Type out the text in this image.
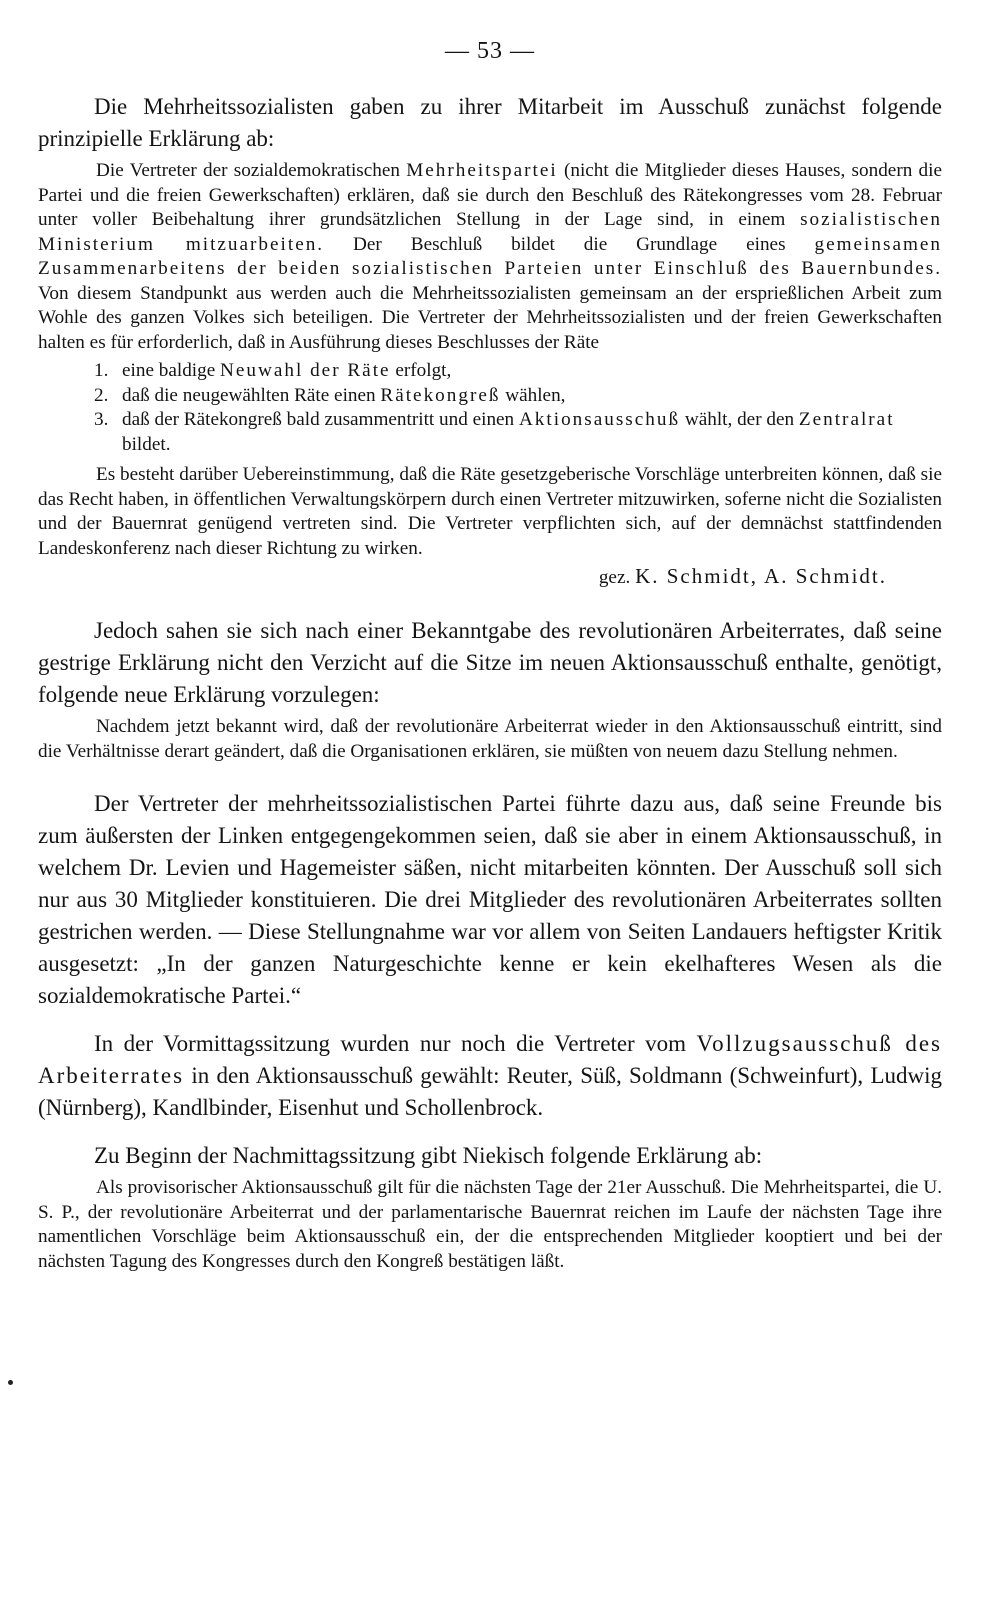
— 53 —

Die Mehrheitssozialisten gaben zu ihrer Mitarbeit im Ausschuß zunächst folgende prinzipielle Erklärung ab:

Die Vertreter der sozialdemokratischen Mehrheitspartei (nicht die Mitglieder dieses Hauses, sondern die Partei und die freien Gewerkschaften) erklären, daß sie durch den Beschluß des Rätekongresses vom 28. Februar unter voller Beibehaltung ihrer grundsätzlichen Stellung in der Lage sind, in einem sozialistischen Ministerium mitzuarbeiten. Der Beschluß bildet die Grundlage eines gemeinsamen Zusammenarbeitens der beiden sozialistischen Parteien unter Einschluß des Bauernbundes. Von diesem Standpunkt aus werden auch die Mehrheitssozialisten gemeinsam an der ersprießlichen Arbeit zum Wohle des ganzen Volkes sich beteiligen. Die Vertreter der Mehrheitssozialisten und der freien Gewerkschaften halten es für erforderlich, daß in Ausführung dieses Beschlusses der Räte

1. eine baldige Neuwahl der Räte erfolgt,
2. daß die neugewählten Räte einen Rätekongreß wählen,
3. daß der Rätekongreß bald zusammentritt und einen Aktionsausschuß wählt, der den Zentralrat bildet.

Es besteht darüber Uebereinstimmung, daß die Räte gesetzgeberische Vorschläge unterbreiten können, daß sie das Recht haben, in öffentlichen Verwaltungskörpern durch einen Vertreter mitzuwirken, soferne nicht die Sozialisten und der Bauernrat genügend vertreten sind. Die Vertreter verpflichten sich, auf der demnächst stattfindenden Landeskonferenz nach dieser Richtung zu wirken.

gez. K. Schmidt, A. Schmidt.

Jedoch sahen sie sich nach einer Bekanntgabe des revolutionären Arbeiterrates, daß seine gestrige Erklärung nicht den Verzicht auf die Sitze im neuen Aktionsausschuß enthalte, genötigt, folgende neue Erklärung vorzulegen:

Nachdem jetzt bekannt wird, daß der revolutionäre Arbeiterrat wieder in den Aktionsausschuß eintritt, sind die Verhältnisse derart geändert, daß die Organisationen erklären, sie müßten von neuem dazu Stellung nehmen.

Der Vertreter der mehrheitssozialistischen Partei führte dazu aus, daß seine Freunde bis zum äußersten der Linken entgegengekommen seien, daß sie aber in einem Aktionsausschuß, in welchem Dr. Levien und Hagemeister säßen, nicht mitarbeiten könnten. Der Ausschuß soll sich nur aus 30 Mitglieder konstituieren. Die drei Mitglieder des revolutionären Arbeiterrates sollten gestrichen werden. — Diese Stellungnahme war vor allem von Seiten Landauers heftigster Kritik ausgesetzt: „In der ganzen Naturgeschichte kenne er kein ekelhafteres Wesen als die sozialdemokratische Partei.“

In der Vormittagssitzung wurden nur noch die Vertreter vom Vollzugsausschuß des Arbeiterrates in den Aktionsausschuß gewählt: Reuter, Süß, Soldmann (Schweinfurt), Ludwig (Nürnberg), Kandlbinder, Eisenhut und Schollenbrock.

Zu Beginn der Nachmittagssitzung gibt Niekisch folgende Erklärung ab:

Als provisorischer Aktionsausschuß gilt für die nächsten Tage der 21er Ausschuß. Die Mehrheitspartei, die U. S. P., der revolutionäre Arbeiterrat und der parlamentarische Bauernrat reichen im Laufe der nächsten Tage ihre namentlichen Vorschläge beim Aktionsausschuß ein, der die entsprechenden Mitglieder kooptiert und bei der nächsten Tagung des Kongresses durch den Kongreß bestätigen läßt.
